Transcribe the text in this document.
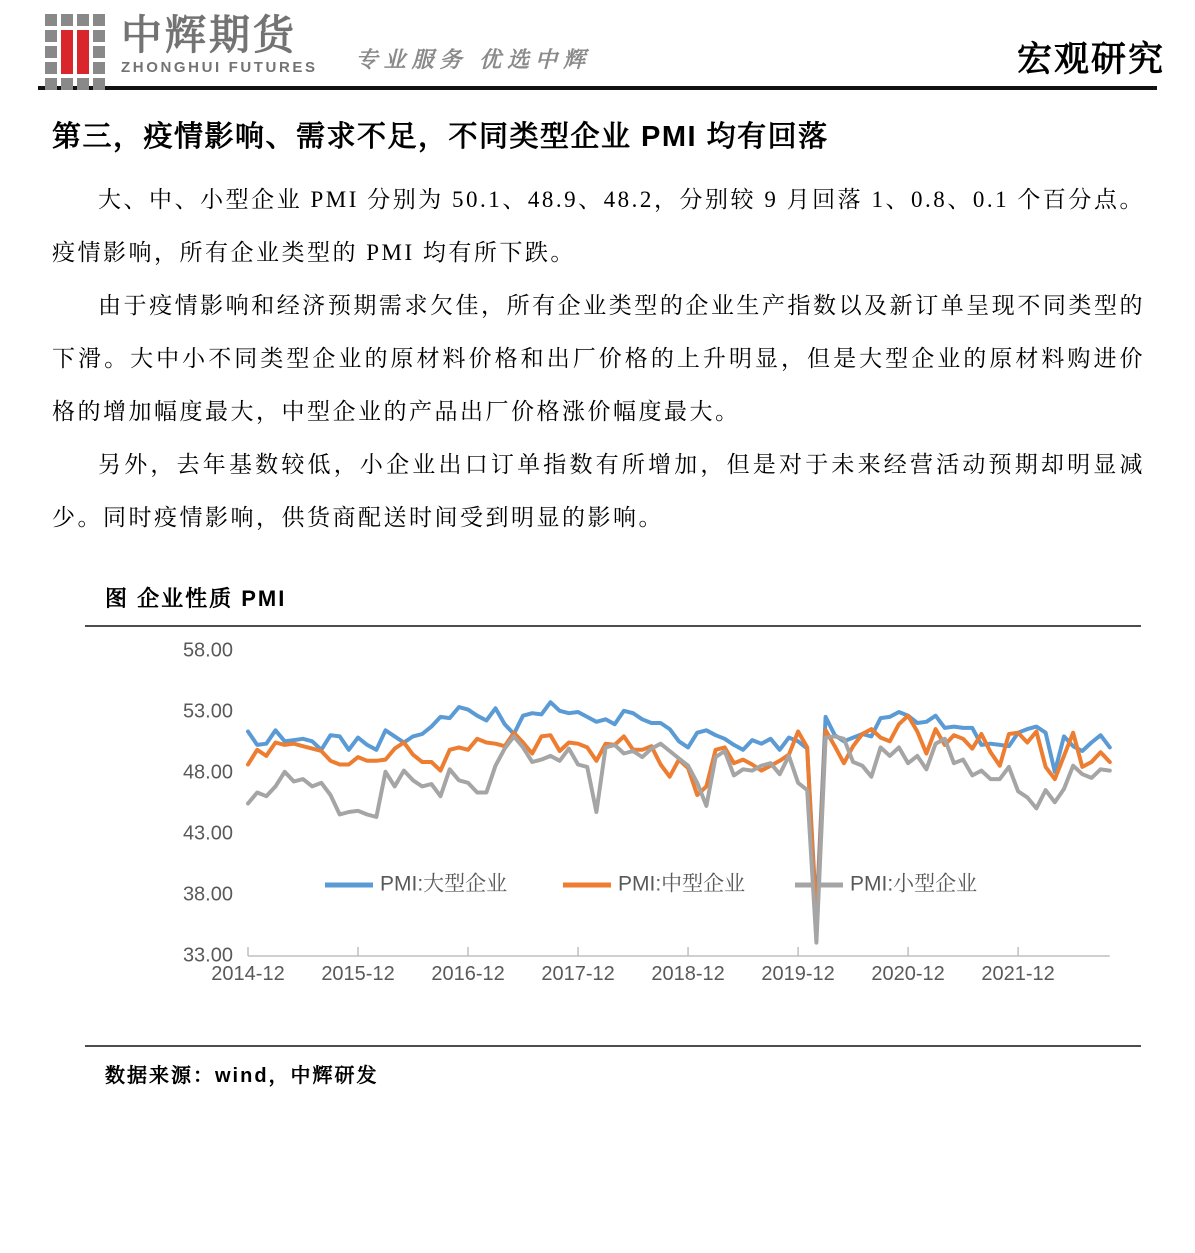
中辉期货
ZHONGHUI FUTURES 专业服务 优选中辉	宏观研究
第三，疫情影响、需求不足，不同类型企业 PMI 均有回落

大、中、小型企业 PMI 分别为 50.1、48.9、48.2，分别较 9 月回落 1、0.8、0.1 个百分点。疫情影响，所有企业类型的 PMI 均有所下跌。

由于疫情影响和经济预期需求欠佳，所有企业类型的企业生产指数以及新订单呈现不同类型的下滑。大中小不同类型企业的原材料价格和出厂价格的上升明显，但是大型企业的原材料购进价格的增加幅度最大，中型企业的产品出厂价格涨价幅度最大。

另外，去年基数较低，小企业出口订单指数有所增加，但是对于未来经营活动预期却明显减少。同时疫情影响，供货商配送时间受到明显的影响。

图 企业性质 PMI
58.00
53.00
48.00
43.00
38.00
33.00
2014-12 2015-12 2016-12 2017-12 2018-12 2019-12 2020-12 2021-12
PMI:大型企业	PMI:中型企业	PMI:小型企业
数据来源：wind，中辉研发
